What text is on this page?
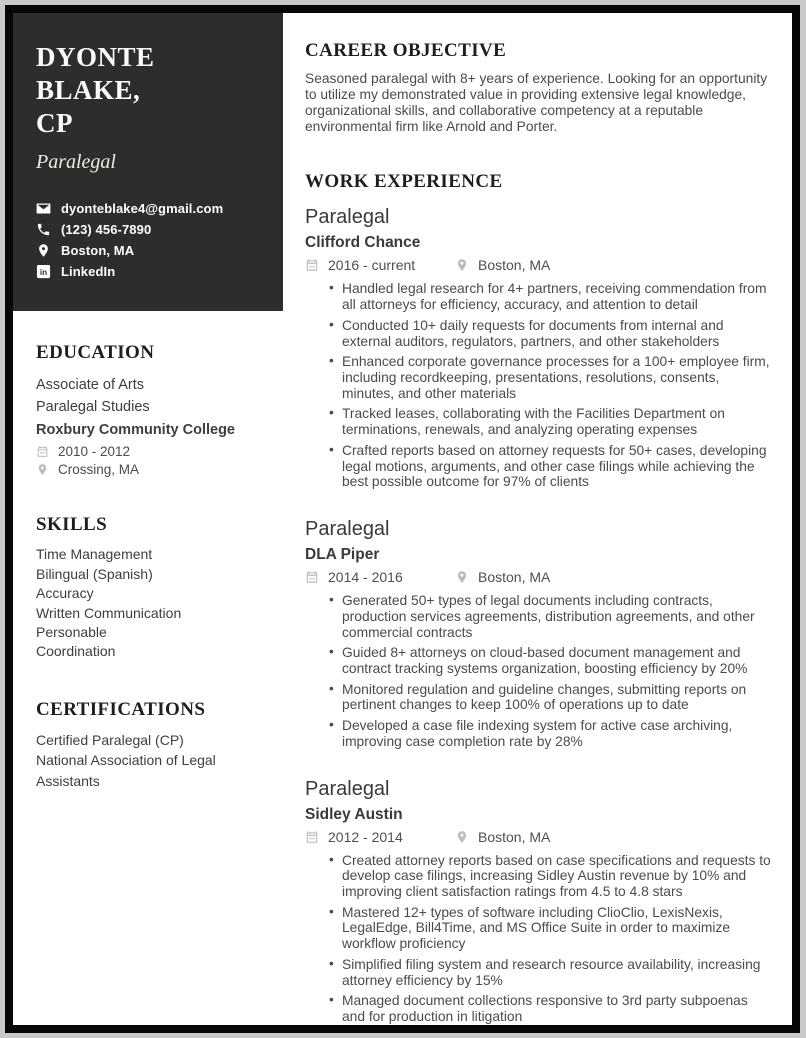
DYONTE BLAKE,
CP
Paralegal
dyonteblake4@gmail.com
(123) 456-7890
Boston, MA
in LinkedIn
EDUCATION
Associate of Arts
Paralegal Studies
Roxbury Community College
2010 - 2012
Crossing, MA
SKILLS
Time Management
Bilingual (Spanish)
Accuracy
Written Communication
Personable
Coordination
CERTIFICATIONS
Certified Paralegal (CP)
National Association of Legal Assistants
CAREER OBJECTIVE

Seasoned paralegal with 8+ years of experience. Looking for an opportunity to utilize my demonstrated value in providing extensive legal knowledge, organizational skills, and collaborative competency at a reputable environmental firm like Arnold and Porter.

WORK EXPERIENCE
Paralegal
Clifford Chance
2016 - current	Boston, MA
• Handled legal research for 4+ partners, receiving commendation from all attorneys for efficiency, accuracy, and attention to detail
• Conducted 10+ daily requests for documents from internal and external auditors, regulators, partners, and other stakeholders
• Enhanced corporate governance processes for a 100+ employee firm, including recordkeeping, presentations, resolutions, consents, minutes, and other materials
• Tracked leases, collaborating with the Facilities Department on terminations, renewals, and analyzing operating expenses
• Crafted reports based on attorney requests for 50+ cases, developing legal motions, arguments, and other case filings while achieving the best possible outcome for 97% of clients
Paralegal
DLA Piper
2014 - 2016	Boston, MA
• Generated 50+ types of legal documents including contracts, production services agreements, distribution agreements, and other commercial contracts
• Guided 8+ attorneys on cloud-based document management and contract tracking systems organization, boosting efficiency by 20%
• Monitored regulation and guideline changes, submitting reports on pertinent changes to keep 100% of operations up to date
• Developed a case file indexing system for active case archiving, improving case completion rate by 28%
Paralegal
Sidley Austin
2012 - 2014	Boston, MA
• Created attorney reports based on case specifications and requests to develop case filings, increasing Sidley Austin revenue by 10% and improving client satisfaction ratings from 4.5 to 4.8 stars
• Mastered 12+ types of software including ClioClio, LexisNexis, LegalEdge, Bill4Time, and MS Office Suite in order to maximize workflow proficiency
• Simplified filing system and research resource availability, increasing attorney efficiency by 15%
• Managed document collections responsive to 3rd party subpoenas and for production in litigation
